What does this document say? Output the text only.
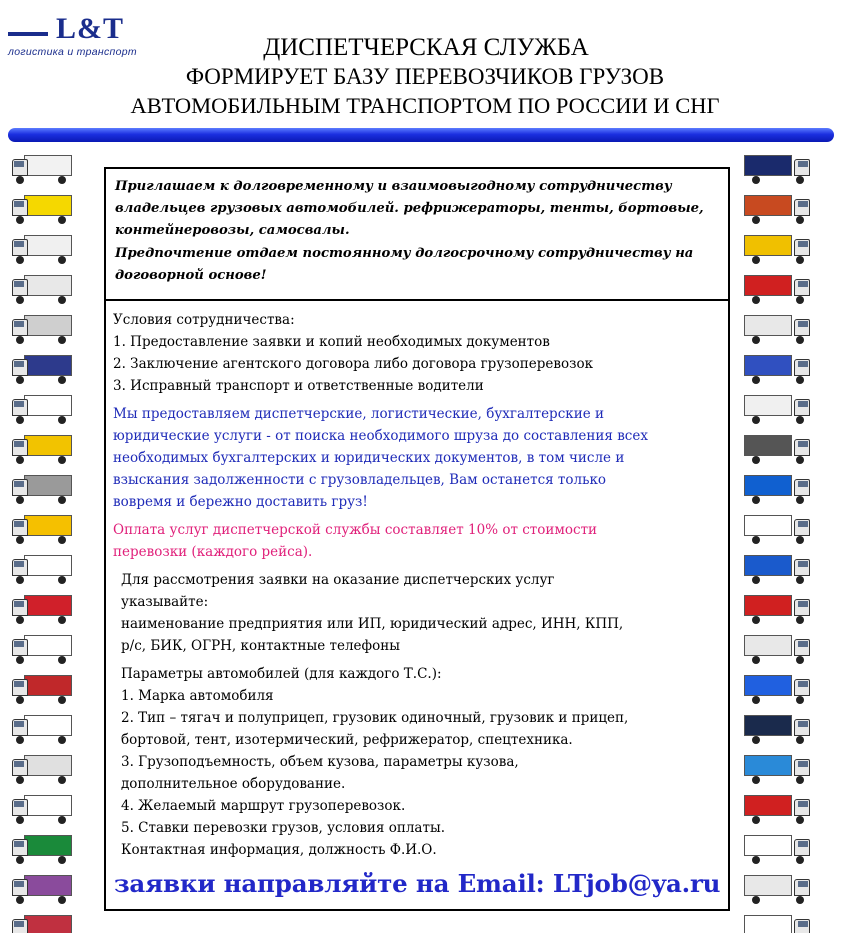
L&T
логистика и транспорт	ДИСПЕТЧЕРСКАЯ СЛУЖБА
ФОРМИРУЕТ БАЗУ ПЕРЕВОЗЧИКОВ ГРУЗОВ
АВТОМОБИЛЬНЫМ ТРАНСПОРТОМ ПО РОССИИ И СНГ

Приглашаем к долговременному и взаимовыгодному сотрудничеству владельцев грузовых автомобилей. рефрижераторы, тенты, бортовые, контейнеровозы, самосвалы.

Предпочтение отдаем постоянному долгосрочному сотрудничеству на договорной основе!

Условия сотрудничества:

1. Предоставление заявки и копий необходимых документов

2. Заключение агентского договора либо договора грузоперевозок

3. Исправный транспорт и ответственные водители

Мы предоставляем диспетчерские, логистические, бухгалтерские и

юридические услуги - от поиска необходимого шруза до составления всех

необходимых бухгалтерских и юридических документов, в том числе и

взыскания задолженности с грузовладельцев, Вам останется только

вовремя и бережно доставить груз!

Оплата услуг диспетчерской службы составляет 10% от стоимости

перевозки (каждого рейса).

Для рассмотрения заявки на оказание диспетчерских услуг

указывайте:

наименование предприятия или ИП, юридический адрес, ИНН, КПП,

р/с, БИК, ОГРН, контактные телефоны

Параметры автомобилей (для каждого Т.С.):

1. Марка автомобиля

2. Тип – тягач и полуприцеп, грузовик одиночный, грузовик и прицеп,

бортовой, тент, изотермический, рефрижератор, спецтехника.

3. Грузоподъемность, объем кузова, параметры кузова,

дополнительное оборудование.

4. Желаемый маршрут грузоперевозок.

5. Ставки перевозки грузов, условия оплаты.

Контактная информация, должность Ф.И.О.

заявки направляйте на Email: LTjob@ya.ru
